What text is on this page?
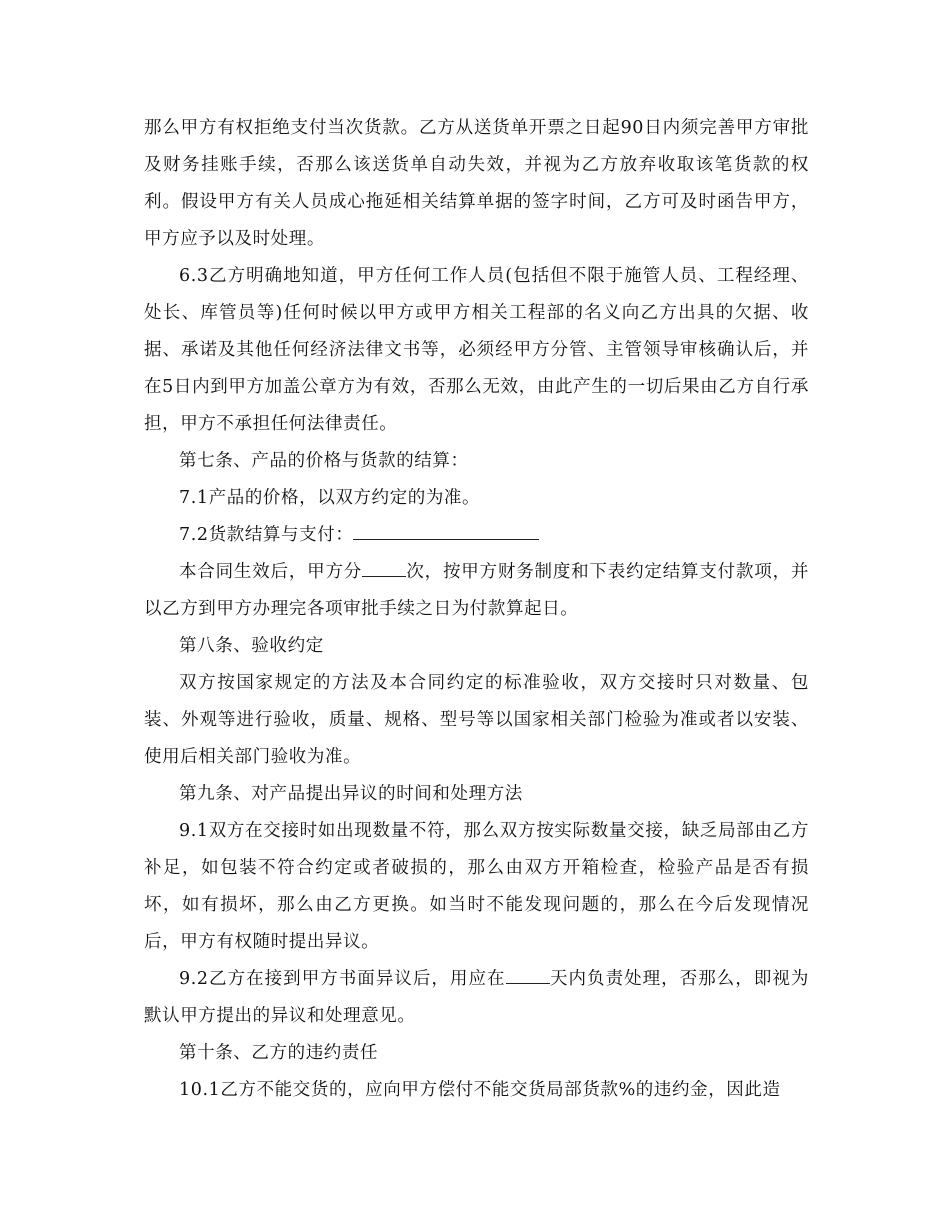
那么甲方有权拒绝支付当次货款。乙方从送货单开票之日起90日内须完善甲方审批及财务挂账手续，否那么该送货单自动失效，并视为乙方放弃收取该笔货款的权利。假设甲方有关人员成心拖延相关结算单据的签字时间，乙方可及时函告甲方，甲方应予以及时处理。

6.3乙方明确地知道，甲方任何工作人员(包括但不限于施管人员、工程经理、处长、库管员等)任何时候以甲方或甲方相关工程部的名义向乙方出具的欠据、收据、承诺及其他任何经济法律文书等，必须经甲方分管、主管领导审核确认后，并在5日内到甲方加盖公章方为有效，否那么无效，由此产生的一切后果由乙方自行承担，甲方不承担任何法律责任。

第七条、产品的价格与货款的结算：

7.1产品的价格，以双方约定的为准。

7.2货款结算与支付：

本合同生效后，甲方分	次，按甲方财务制度和下表约定结算支付款项，并以乙方到甲方办理完各项审批手续之日为付款算起日。

第八条、验收约定

双方按国家规定的方法及本合同约定的标准验收，双方交接时只对数量、包装、外观等进行验收，质量、规格、型号等以国家相关部门检验为准或者以安装、使用后相关部门验收为准。

第九条、对产品提出异议的时间和处理方法

9.1双方在交接时如出现数量不符，那么双方按实际数量交接，缺乏局部由乙方补足，如包装不符合约定或者破损的，那么由双方开箱检查，检验产品是否有损坏，如有损坏，那么由乙方更换。如当时不能发现问题的，那么在今后发现情况后，甲方有权随时提出异议。

9.2乙方在接到甲方书面异议后，用应在	天内负责处理，否那么，即视为默认甲方提出的异议和处理意见。

第十条、乙方的违约责任

10.1乙方不能交货的，应向甲方偿付不能交货局部货款%的违约金，因此造
